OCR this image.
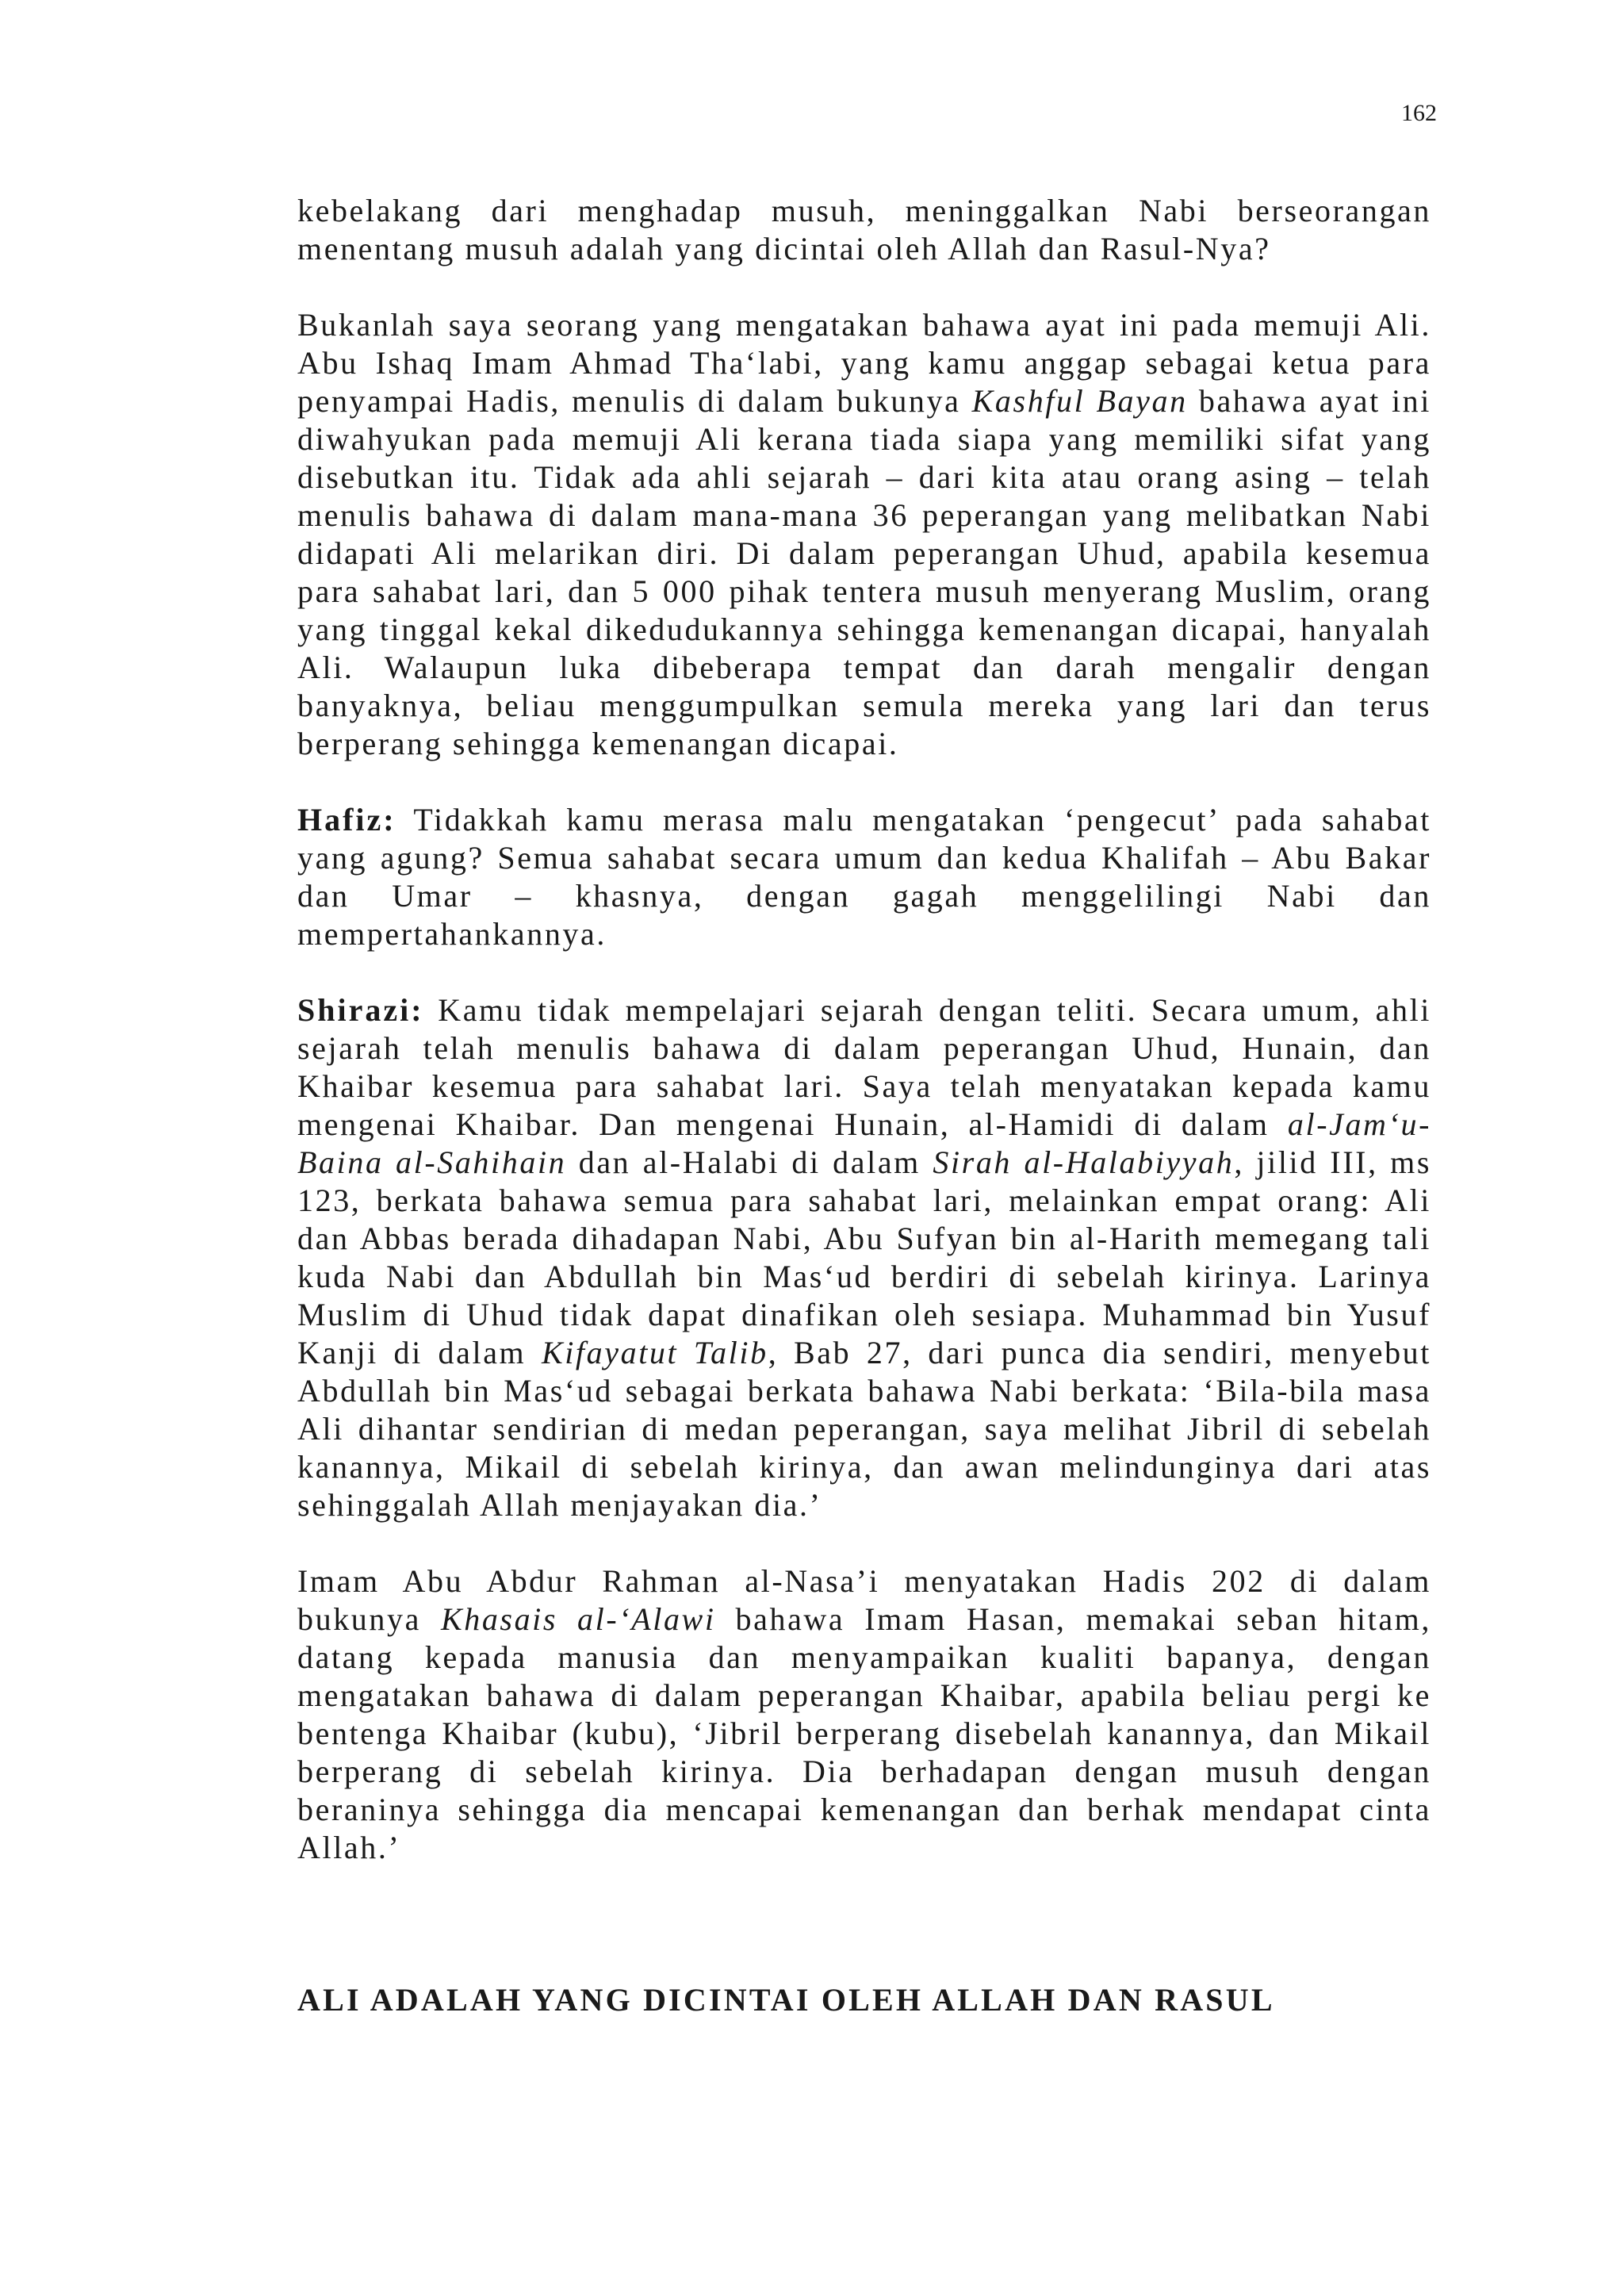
162

kebelakang dari menghadap musuh, meninggalkan Nabi berseorangan menentang musuh adalah yang dicintai oleh Allah dan Rasul-Nya?

Bukanlah saya seorang yang mengatakan bahawa ayat ini pada memuji Ali. Abu Ishaq Imam Ahmad Tha‘labi, yang kamu anggap sebagai ketua para penyampai Hadis, menulis di dalam bukunya Kashful Bayan bahawa ayat ini diwahyukan pada memuji Ali kerana tiada siapa yang memiliki sifat yang disebutkan itu. Tidak ada ahli sejarah – dari kita atau orang asing – telah menulis bahawa di dalam mana-mana 36 peperangan yang melibatkan Nabi didapati Ali melarikan diri. Di dalam peperangan Uhud, apabila kesemua para sahabat lari, dan 5 000 pihak tentera musuh menyerang Muslim, orang yang tinggal kekal dikedudukannya sehingga kemenangan dicapai, hanyalah Ali. Walaupun luka dibeberapa tempat dan darah mengalir dengan banyaknya, beliau menggumpulkan semula mereka yang lari dan terus berperang sehingga kemenangan dicapai.

Hafiz: Tidakkah kamu merasa malu mengatakan ‘pengecut’ pada sahabat yang agung? Semua sahabat secara umum dan kedua Khalifah – Abu Bakar dan Umar – khasnya, dengan gagah menggelilingi Nabi dan mempertahankannya.

Shirazi: Kamu tidak mempelajari sejarah dengan teliti. Secara umum, ahli sejarah telah menulis bahawa di dalam peperangan Uhud, Hunain, dan Khaibar kesemua para sahabat lari. Saya telah menyatakan kepada kamu mengenai Khaibar. Dan mengenai Hunain, al-Hamidi di dalam al-Jam‘u-Baina al-Sahihain dan al-Halabi di dalam Sirah al-Halabiyyah, jilid III, ms 123, berkata bahawa semua para sahabat lari, melainkan empat orang: Ali dan Abbas berada dihadapan Nabi, Abu Sufyan bin al-Harith memegang tali kuda Nabi dan Abdullah bin Mas‘ud berdiri di sebelah kirinya. Larinya Muslim di Uhud tidak dapat dinafikan oleh sesiapa. Muhammad bin Yusuf Kanji di dalam Kifayatut Talib, Bab 27, dari punca dia sendiri, menyebut Abdullah bin Mas‘ud sebagai berkata bahawa Nabi berkata: ‘Bila-bila masa Ali dihantar sendirian di medan peperangan, saya melihat Jibril di sebelah kanannya, Mikail di sebelah kirinya, dan awan melindunginya dari atas sehinggalah Allah menjayakan dia.’

Imam Abu Abdur Rahman al-Nasa’i menyatakan Hadis 202 di dalam bukunya Khasais al-‘Alawi bahawa Imam Hasan, memakai seban hitam, datang kepada manusia dan menyampaikan kualiti bapanya, dengan mengatakan bahawa di dalam peperangan Khaibar, apabila beliau pergi ke bentenga Khaibar (kubu), ‘Jibril berperang disebelah kanannya, dan Mikail berperang di sebelah kirinya. Dia berhadapan dengan musuh dengan beraninya sehingga dia mencapai kemenangan dan berhak mendapat cinta Allah.’

ALI ADALAH YANG DICINTAI OLEH ALLAH DAN RASUL
